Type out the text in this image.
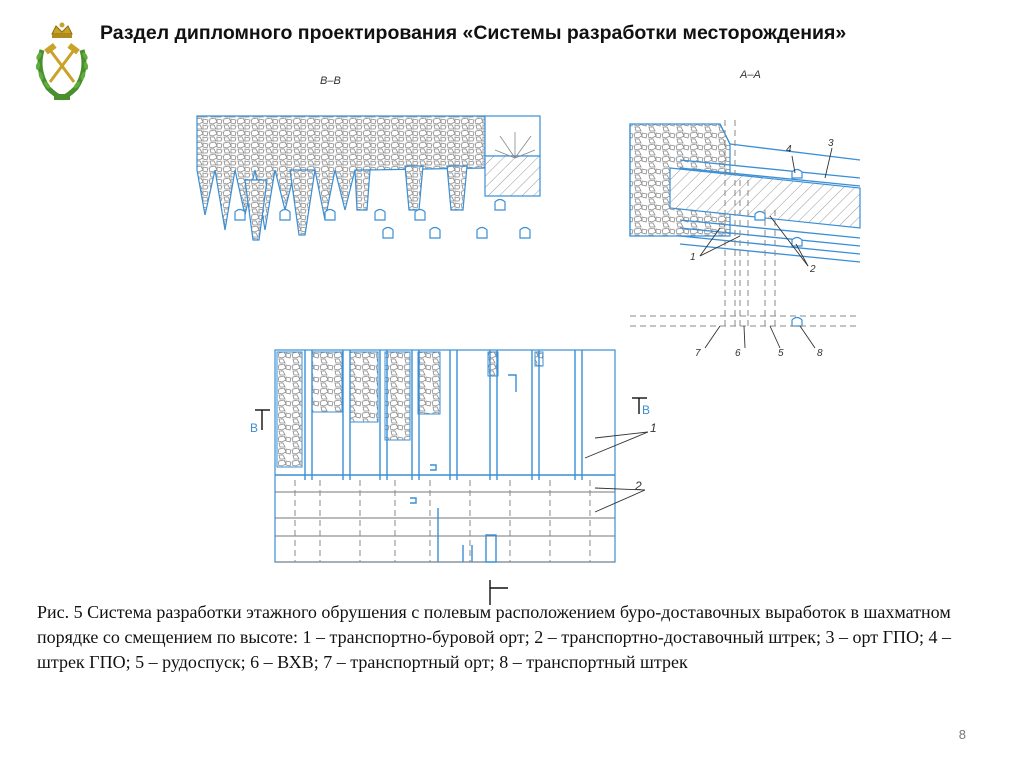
Раздел дипломного проектирования «Системы разработки месторождения»
В–В	А–А
4
3
1
2
7	6	5	8
В
В
1
2
Рис. 5 Система разработки этажного обрушения с полевым расположением буро-доставочных выработок в шахматном порядке со смещением по высоте: 1 – транспортно-буровой орт; 2 – транспортно-доставочный штрек; 3 – орт ГПО; 4 – штрек ГПО; 5 – рудоспуск; 6 – ВХВ; 7 – транспортный орт; 8 – транспортный штрек
8
